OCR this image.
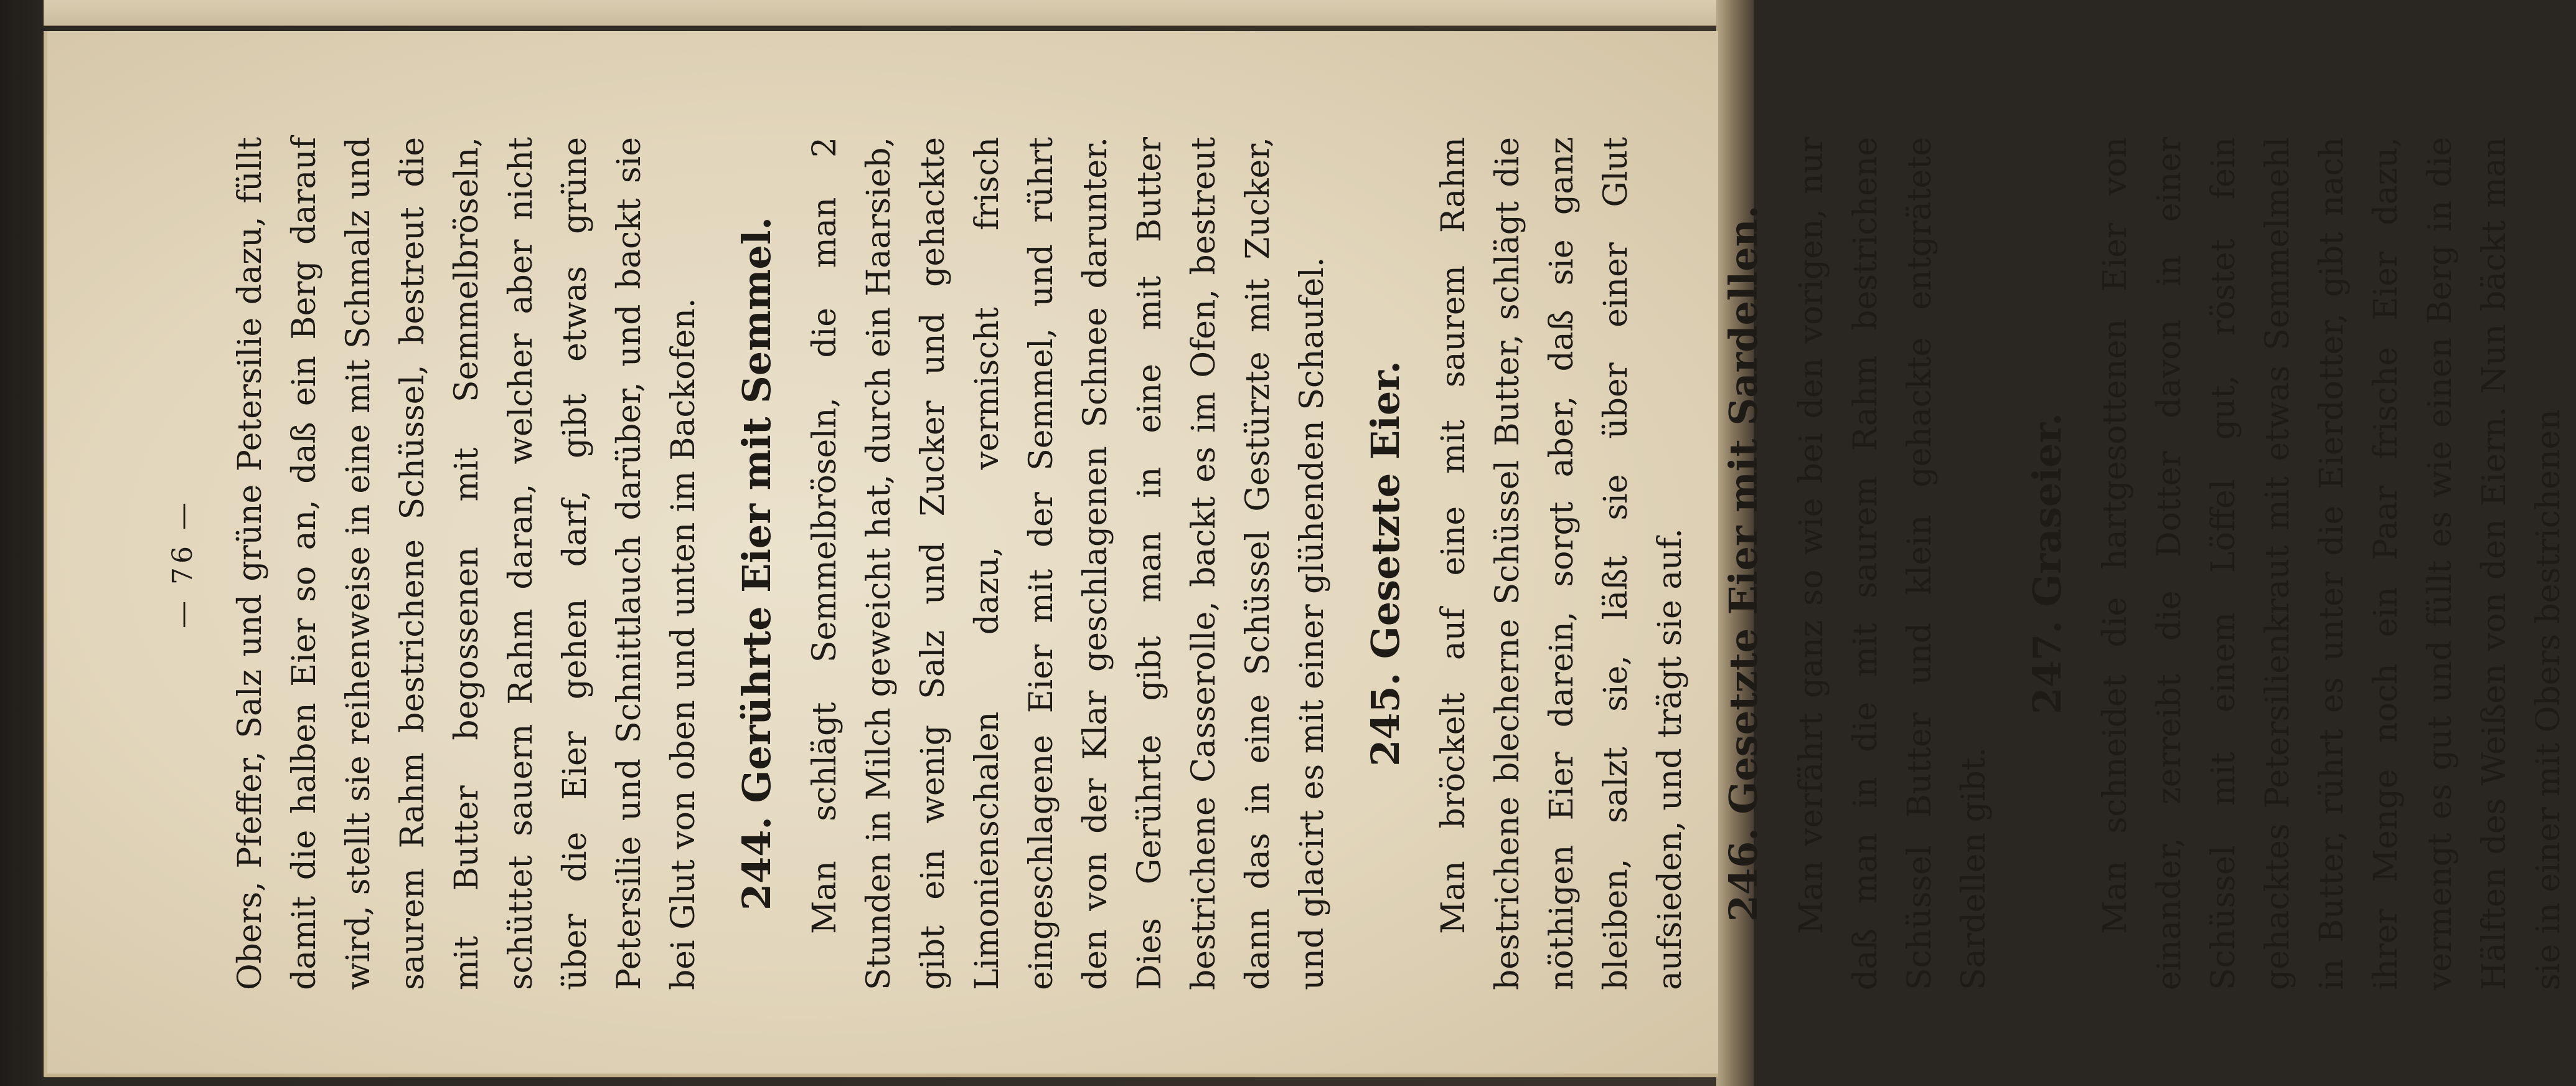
— 76 — Obers, Pfeffer, Salz und grüne Petersilie dazu, füllt damit die halben Eier so an, daß ein Berg darauf wird, stellt sie reihenweise in eine mit Schmalz und saurem Rahm bestrichene Schüssel, bestreut die mit Butter begossenen mit Semmelbröseln, schüttet sauern Rahm daran, welcher aber nicht über die Eier gehen darf, gibt etwas grüne Petersilie und Schnittlauch darüber, und backt sie bei Glut von oben und unten im Backofen. 244. Gerührte Eier mit Semmel. Man schlägt Semmelbröseln, die man 2 Stunden in Milch geweicht hat, durch ein Haarsieb, gibt ein wenig Salz und Zucker und gehackte Limonienschalen dazu, vermischt frisch eingeschlagene Eier mit der Semmel, und rührt den von der Klar geschlagenen Schnee darunter. Dies Gerührte gibt man in eine mit Butter bestrichene Casserolle, backt es im Ofen, bestreut dann das in eine Schüssel Gestürzte mit Zucker, und glacirt es mit einer glühenden Schaufel. 245. Gesetzte Eier. Man bröckelt auf eine mit saurem Rahm bestrichene blecherne Schüssel Butter, schlägt die nöthigen Eier darein, sorgt aber, daß sie ganz bleiben, salzt sie, läßt sie über einer Glut aufsieden, und trägt sie auf. 246. Gesetzte Eier mit Sardellen. Man verfährt ganz so wie bei den vorigen, nur daß man in die mit saurem Rahm bestrichene Schüssel Butter und klein gehackte entgrätete Sardellen gibt.

247. Graseier. Man schneidet die hartgesottenen Eier von einander, zerreibt die Dotter davon in einer Schüssel mit einem Löffel gut, röstet fein gehacktes Petersilienkraut mit etwas Semmelmehl in Butter, rührt es unter die Eierdotter, gibt nach ihrer Menge noch ein Paar frische Eier dazu, vermengt es gut und füllt es wie einen Berg in die Hälften des Weißen von den Eiern. Nun bäckt man sie in einer mit Obers bestrichenen
